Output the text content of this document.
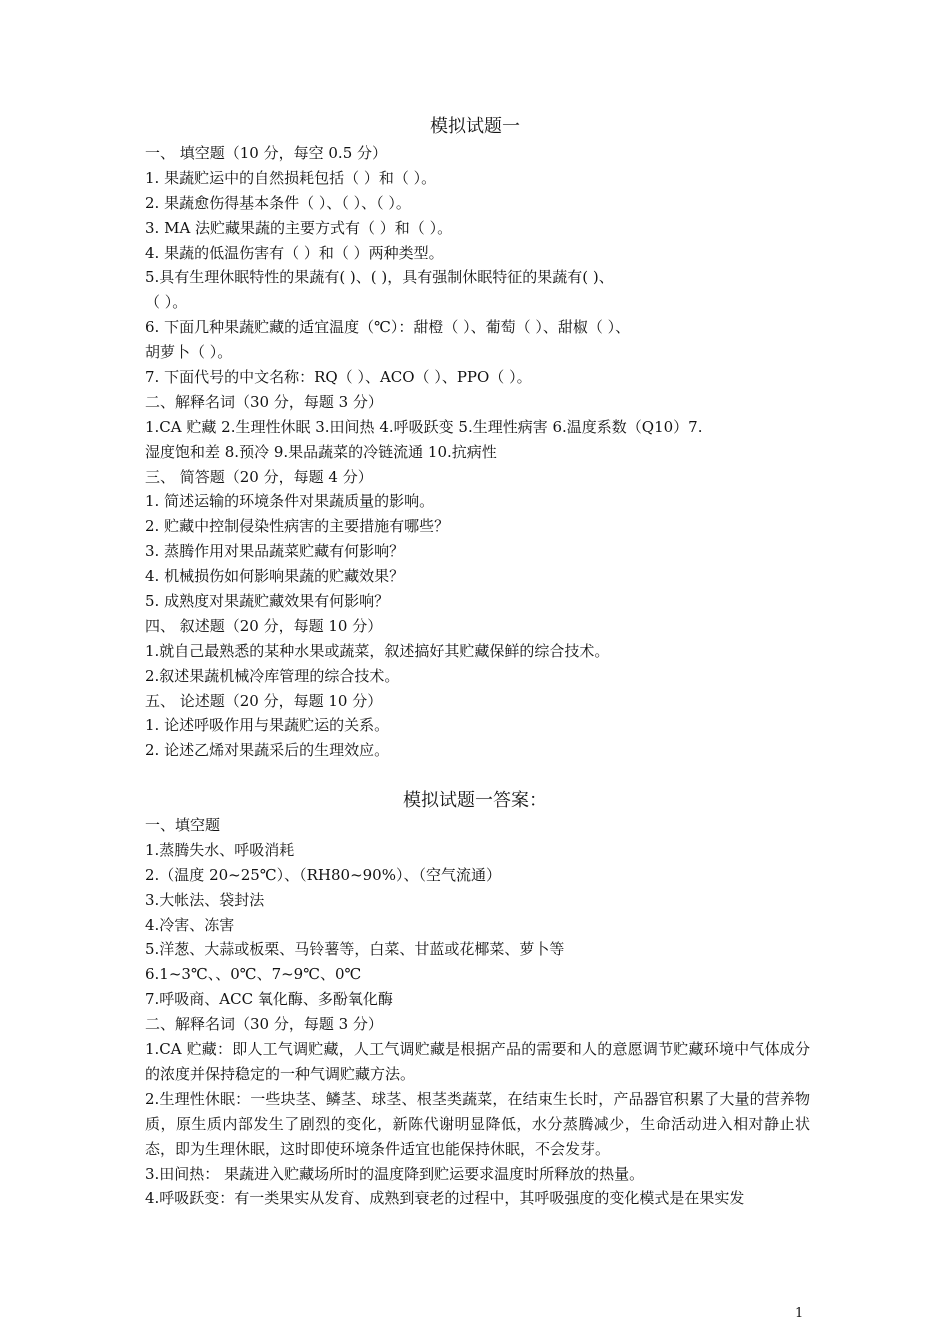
模拟试题一
一、 填空题（10 分，每空 0.5 分）
1. 果蔬贮运中的自然损耗包括（ ）和（ ）。
2. 果蔬愈伤得基本条件（ ）、（ ）、（ ）。
3. MA 法贮藏果蔬的主要方式有（ ）和（ ）。
4. 果蔬的低温伤害有（ ）和（ ）两种类型。
5.具有生理休眠特性的果蔬有( )、( )，具有强制休眠特征的果蔬有( )、
（ ）。
6. 下面几种果蔬贮藏的适宜温度（℃）：甜橙（ ）、葡萄（ ）、甜椒（ ）、
胡萝卜（ ）。
7. 下面代号的中文名称：RQ（ ）、ACO（ ）、PPO（ ）。
二、解释名词（30 分，每题 3 分）
1.CA 贮藏 2.生理性休眠 3.田间热 4.呼吸跃变 5.生理性病害 6.温度系数（Q10）7.
湿度饱和差 8.预冷 9.果品蔬菜的冷链流通 10.抗病性
三、 简答题（20 分，每题 4 分）
1. 简述运输的环境条件对果蔬质量的影响。
2. 贮藏中控制侵染性病害的主要措施有哪些？
3. 蒸腾作用对果品蔬菜贮藏有何影响？
4. 机械损伤如何影响果蔬的贮藏效果？
5. 成熟度对果蔬贮藏效果有何影响？
四、 叙述题（20 分，每题 10 分）
1.就自己最熟悉的某种水果或蔬菜，叙述搞好其贮藏保鲜的综合技术。
2.叙述果蔬机械冷库管理的综合技术。
五、 论述题（20 分，每题 10 分）
1. 论述呼吸作用与果蔬贮运的关系。
2. 论述乙烯对果蔬采后的生理效应。
模拟试题一答案：
一、填空题
1.蒸腾失水、呼吸消耗
2.（温度 20~25℃）、（RH80~90%）、（空气流通）
3.大帐法、袋封法
4.冷害、冻害
5.洋葱、大蒜或板栗、马铃薯等，白菜、甘蓝或花椰菜、萝卜等
6.1~3℃、、0℃、7~9℃、0℃
7.呼吸商、ACC 氧化酶、多酚氧化酶
二、解释名词（30 分，每题 3 分）
1.CA 贮藏：即人工气调贮藏，人工气调贮藏是根据产品的需要和人的意愿调节贮藏环境中气体成分的浓度并保持稳定的一种气调贮藏方法。
2.生理性休眠：一些块茎、鳞茎、球茎、根茎类蔬菜，在结束生长时，产品器官积累了大量的营养物质，原生质内部发生了剧烈的变化，新陈代谢明显降低，水分蒸腾减少，生命活动进入相对静止状态，即为生理休眠，这时即使环境条件适宜也能保持休眠，不会发芽。
3.田间热： 果蔬进入贮藏场所时的温度降到贮运要求温度时所释放的热量。
4.呼吸跃变：有一类果实从发育、成熟到衰老的过程中，其呼吸强度的变化模式是在果实发
1
